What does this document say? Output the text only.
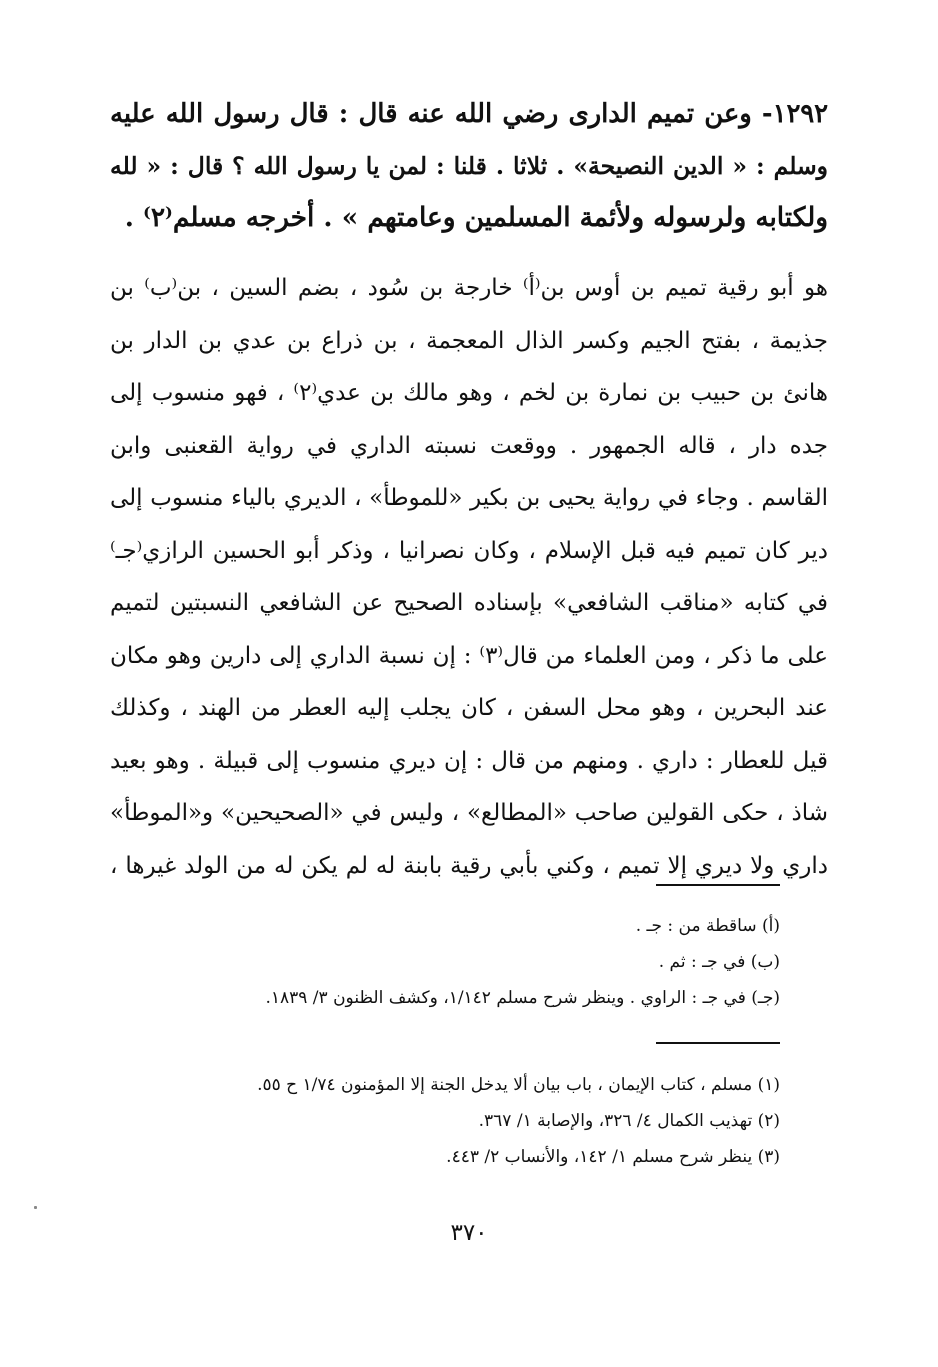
١٢٩٢- وعن تميم الدارى رضي الله عنه قال : قال رسول الله عليه
وسلم : « الدين النصيحة» . ثلاثا . قلنا : لمن يا رسول الله ؟ قال : « لله
ولكتابه ولرسوله ولأئمة المسلمين وعامتهم » . أخرجه مسلم⁽٢⁾ .
هو أبو رقية تميم بن أوس بن⁽أ⁾ خارجة بن سُود ، بضم السين ، بن⁽ب⁾ بن
جذيمة ، بفتح الجيم وكسر الذال المعجمة ، بن ذراع بن عدي بن الدار بن
هانئ بن حبيب بن نمارة بن لخم ، وهو مالك بن عدي⁽٢⁾ ، فهو منسوب إلى
جده دار ، قاله الجمهور . ووقعت نسبته الداري في رواية القعنبى وابن
القاسم . وجاء في رواية يحيى بن بكير «للموطأ» ، الديري بالياء منسوب إلى
دير كان تميم فيه قبل الإسلام ، وكان نصرانيا ، وذكر أبو الحسين الرازي⁽جـ⁾
في كتابه «مناقب الشافعي» بإسناده الصحيح عن الشافعي النسبتين لتميم
على ما ذكر ، ومن العلماء من قال⁽٣⁾ : إن نسبة الداري إلى دارين وهو مكان
عند البحرين ، وهو محل السفن ، كان يجلب إليه العطر من الهند ، وكذلك
قيل للعطار : داري . ومنهم من قال : إن ديري منسوب إلى قبيلة . وهو بعيد
شاذ ، حكى القولين صاحب «المطالع» ، وليس في «الصحيحين» و«الموطأ»
داري ولا ديري إلا تميم ، وكني بأبي رقية بابنة له لم يكن له من الولد غيرها ،
(أ) ساقطة من : جـ .
(ب) في جـ : ثم .
(جـ) في جـ : الراوي . وينظر شرح مسلم ١/١٤٢، وكشف الظنون ٣/ ١٨٣٩.
(١) مسلم ، كتاب الإيمان ، باب بيان ألا يدخل الجنة إلا المؤمنون ١/٧٤ ح ٥٥.
(٢) تهذيب الكمال ٤/ ٣٢٦، والإصابة ١/ ٣٦٧.
(٣) ينظر شرح مسلم ١/ ١٤٢، والأنساب ٢/ ٤٤٣.
٣٧٠
